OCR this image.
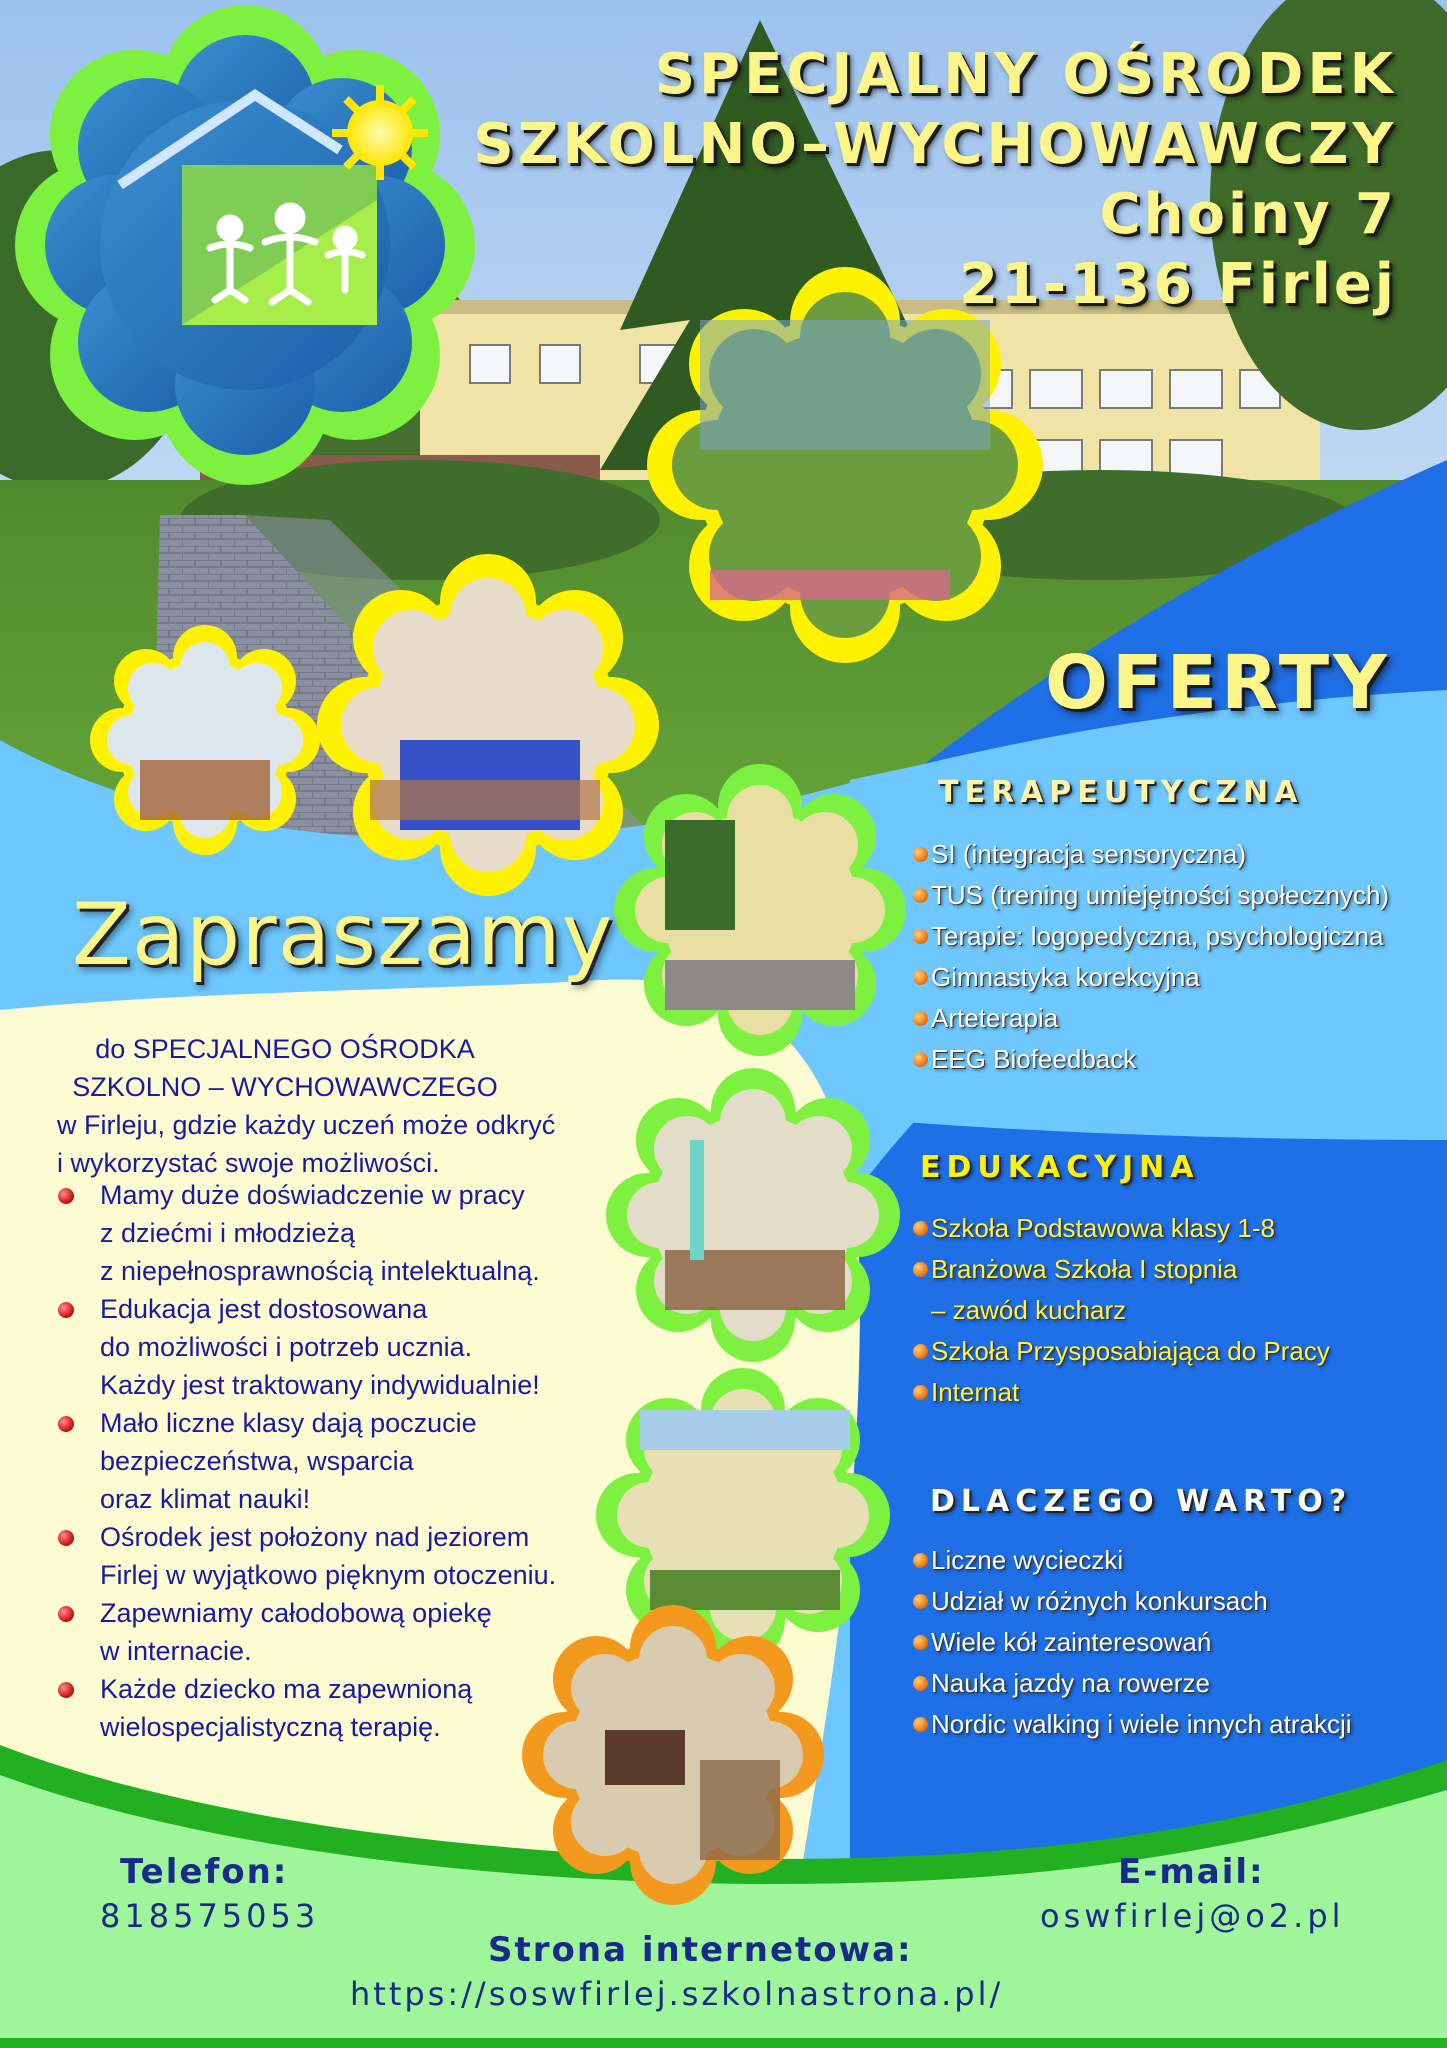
SPECJALNY OŚRODEK
SZKOLNO–WYCHOWAWCZY
Choiny 7
21-136 Firlej
OFERTY
TERAPEUTYCZNA
SI (integracja sensoryczna)
TUS (trening umiejętności społecznych)
Terapie: logopedyczna, psychologiczna
Gimnastyka korekcyjna
Arteterapia
EEG Biofeedback
EDUKACYJNA
Szkoła Podstawowa klasy 1-8
Branżowa Szkoła I stopnia
– zawód kucharz
Szkoła Przysposabiająca do Pracy
Internat
DLACZEGO WARTO?
Liczne wycieczki
Udział w różnych konkursach
Wiele kół zainteresowań
Nauka jazdy na rowerze
Nordic walking i wiele innych atrakcji
Zapraszamy
do SPECJALNEGO OŚRODKA
SZKOLNO – WYCHOWAWCZEGO
w Firleju, gdzie każdy uczeń może odkryć
i wykorzystać swoje możliwości.
Mamy duże doświadczenie w pracy
z dziećmi i młodzieżą
z niepełnosprawnością intelektualną.
Edukacja jest dostosowana
do możliwości i potrzeb ucznia.
Każdy jest traktowany indywidualnie!
Mało liczne klasy dają poczucie
bezpieczeństwa, wsparcia
oraz klimat nauki!
Ośrodek jest położony nad jeziorem
Firlej w wyjątkowo pięknym otoczeniu.
Zapewniamy całodobową opiekę
w internacie.
Każde dziecko ma zapewnioną
wielospecjalistyczną terapię.
Telefon:
818575053
E-mail:
oswfirlej@o2.pl
Strona internetowa:
https://soswfirlej.szkolnastrona.pl/
